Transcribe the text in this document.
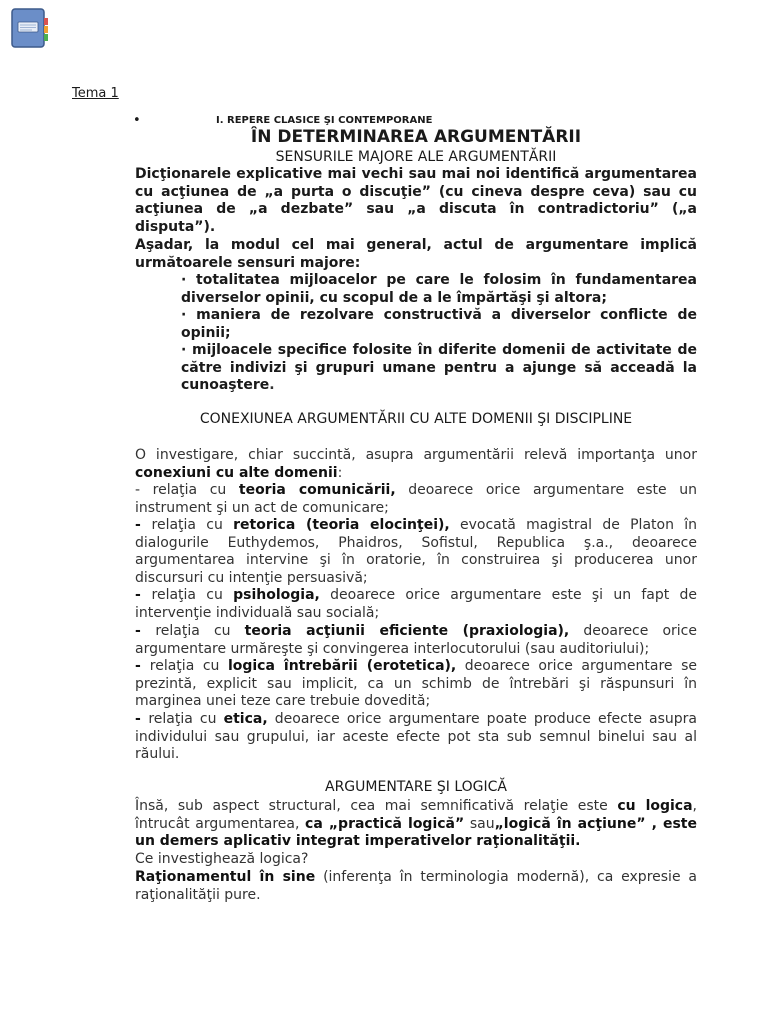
Tema 1
•	I. REPERE CLASICE ŞI CONTEMPORANE
ÎN DETERMINAREA ARGUMENTĂRII
SENSURILE MAJORE ALE ARGUMENTĂRII

Dicţionarele explicative mai vechi sau mai noi identifică argumentarea cu acţiunea de „a purta o discuţie” (cu cineva despre ceva) sau cu acţiunea de „a dezbate” sau „a discuta în contradictoriu” („a disputa”).

Aşadar, la modul cel mai general, actul de argumentare implică următoarele sensuri majore:

· totalitatea mijloacelor pe care le folosim în fundamentarea diverselor opinii, cu scopul de a le împărtăşi şi altora;

· maniera de rezolvare constructivă a diverselor conflicte de opinii;

· mijloacele specifice folosite în diferite domenii de activitate de către indivizi şi grupuri umane pentru a ajunge să acceadă la cunoaştere.

CONEXIUNEA ARGUMENTĂRII CU ALTE DOMENII ŞI DISCIPLINE

O investigare, chiar succintă, asupra argumentării relevă importanţa unor conexiuni cu alte domenii:

- relaţia cu teoria comunicării, deoarece orice argumentare este un instrument şi un act de comunicare;

- relaţia cu retorica (teoria elocinţei), evocată magistral de Platon în dialogurile Euthydemos, Phaidros, Sofistul, Republica ş.a., deoarece argumentarea intervine şi în oratorie, în construirea şi producerea unor discursuri cu intenţie persuasivă;

- relaţia cu psihologia, deoarece orice argumentare este şi un fapt de intervenţie individuală sau socială;

- relaţia cu teoria acţiunii eficiente (praxiologia), deoarece orice argumentare urmăreşte şi convingerea interlocutorului (sau auditoriului);

- relaţia cu logica întrebării (erotetica), deoarece orice argumentare se prezintă, explicit sau implicit, ca un schimb de întrebări şi răspunsuri în marginea unei teze care trebuie dovedită;

- relaţia cu etica, deoarece orice argumentare poate produce efecte asupra individului sau grupului, iar aceste efecte pot sta sub semnul binelui sau al răului.

ARGUMENTARE ŞI LOGICĂ

Însă, sub aspect structural, cea mai semnificativă relaţie este cu logica, întrucât argumentarea, ca „practică logică” sau„logică în acţiune” , este un demers aplicativ integrat imperativelor raţionalităţii.

Ce investighează logica?

Raţionamentul în sine (inferenţa în terminologia modernă), ca expresie a raţionalităţii pure.
